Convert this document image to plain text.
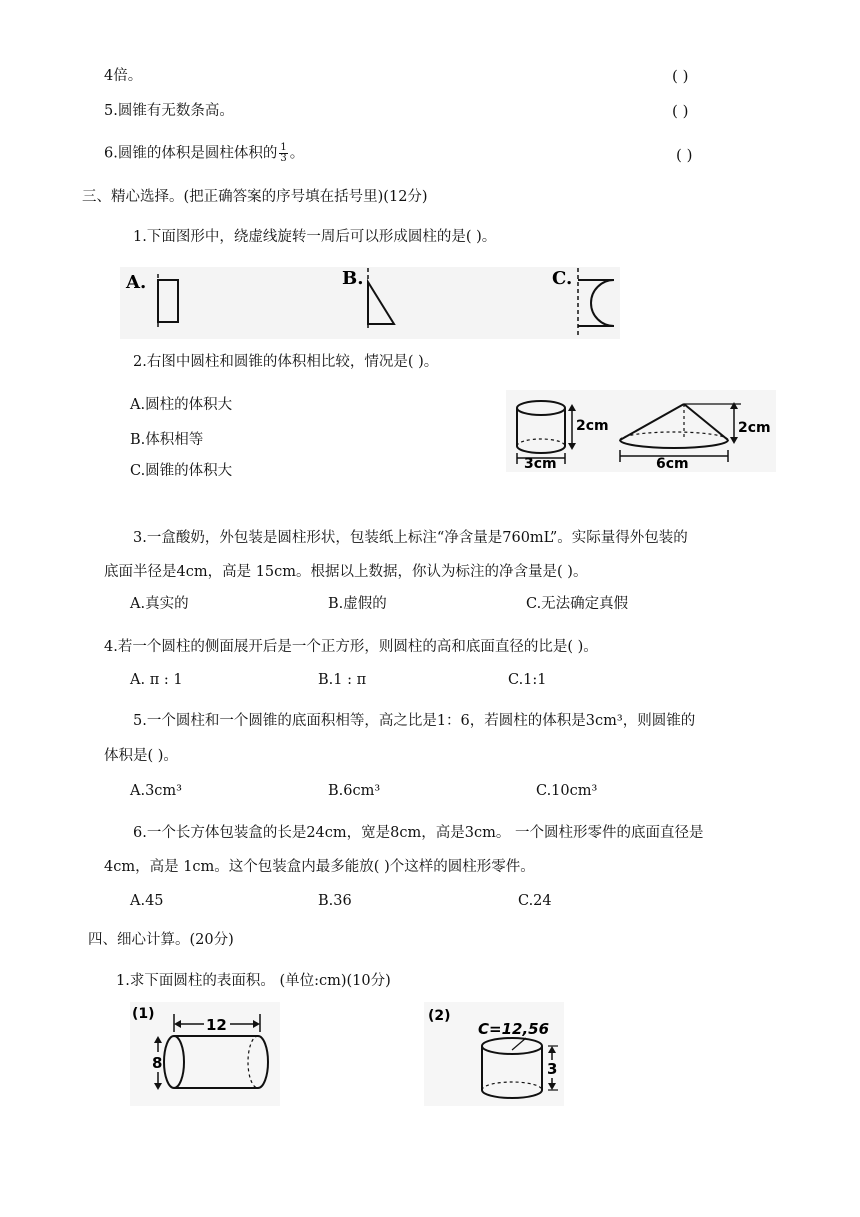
4倍。	( )
5.圆锥有无数条高。	( )
6.圆锥的体积是圆柱体积的 $\frac{1}{3}$ 。	( )
三、精心选择。(把正确答案的序号填在括号里)(12分)
1.下面图形中，绕虚线旋转一周后可以形成圆柱的是( )。
A.	B.	C.
2.右图中圆柱和圆锥的体积相比较，情况是( )。
A.圆柱的体积大
B.体积相等
C.圆锥的体积大	3cm
2cm
6cm
2cm
3.一盒酸奶，外包装是圆柱形状，包装纸上标注“净含量是760mL”。实际量得外包装的
底面半径是4cm，高是 15cm。根据以上数据，你认为标注的净含量是( )。
A.真实的	B.虚假的	C.无法确定真假
4.若一个圆柱的侧面展开后是一个正方形，则圆柱的高和底面直径的比是( )。
A. π : 1	B.1 : π	C.1:1
5.一个圆柱和一个圆锥的底面积相等，高之比是1：6，若圆柱的体积是3cm³，则圆锥的
体积是( )。
A.3cm³	B.6cm³	C.10cm³
6.一个长方体包装盒的长是24cm，宽是8cm，高是3cm。 一个圆柱形零件的底面直径是
4cm，高是 1cm。这个包装盒内最多能放( )个这样的圆柱形零件。
A.45	B.36	C.24
四、细心计算。(20分)
1.求下面圆柱的表面积。 (单位:cm)(10分)
(1)
12
8
(2)
C=12,56
3
